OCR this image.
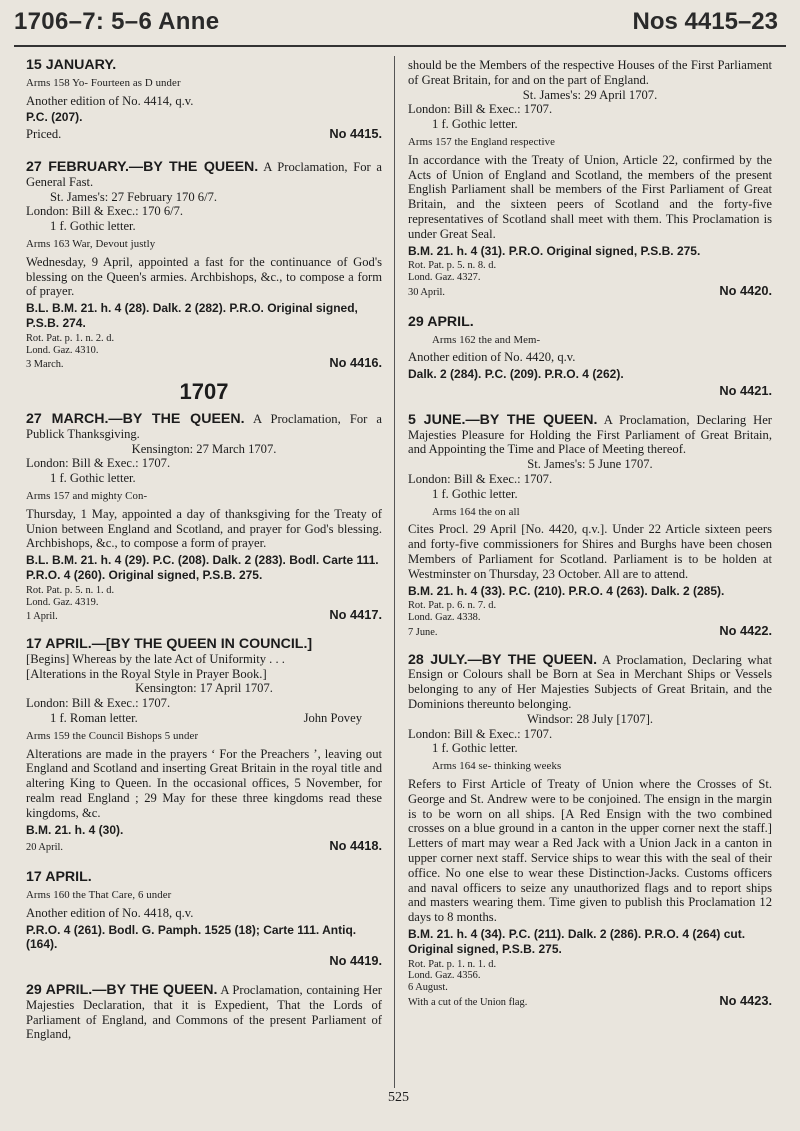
1706–7: 5–6 Anne	Nos 4415–23

15 JANUARY.

Arms 158 Yo- Fourteen as D under

Another edition of No. 4414, q.v.

P.C. (207).

Priced.	No 4415.

27 FEBRUARY.—BY THE QUEEN. A Proclamation, For a General Fast.

St. James's: 27 February 170 6/7.

London: Bill & Exec.: 170 6/7.

1 f. Gothic letter.

Arms 163 War, Devout justly

Wednesday, 9 April, appointed a fast for the continuance of God's blessing on the Queen's armies. Archbishops, &c., to compose a form of prayer.

B.L. B.M. 21. h. 4 (28). Dalk. 2 (282). P.R.O. Original signed, P.S.B. 274.

Rot. Pat. p. 1. n. 2. d.
Lond. Gaz. 4310.
3 March.	No 4416.
1707

27 MARCH.—BY THE QUEEN. A Proclamation, For a Publick Thanksgiving.

Kensington: 27 March 1707.

London: Bill & Exec.: 1707.

1 f. Gothic letter.

Arms 157 and mighty Con-

Thursday, 1 May, appointed a day of thanksgiving for the Treaty of Union between England and Scotland, and prayer for God's blessing. Archbishops, &c., to compose a form of prayer.

B.L. B.M. 21. h. 4 (29). P.C. (208). Dalk. 2 (283). Bodl. Carte 111. P.R.O. 4 (260). Original signed, P.S.B. 275.

Rot. Pat. p. 5. n. 1. d.
Lond. Gaz. 4319.
1 April.	No 4417.

17 APRIL.—[BY THE QUEEN IN COUNCIL.]

[Begins] Whereas by the late Act of Uniformity . . .

[Alterations in the Royal Style in Prayer Book.]

Kensington: 17 April 1707.

London: Bill & Exec.: 1707.

1 f. Roman letter.	John Povey

Arms 159 the Council Bishops 5 under

Alterations are made in the prayers ‘ For the Preachers ’, leaving out England and Scotland and inserting Great Britain in the royal title and altering King to Queen. In the occasional offices, 5 November, for realm read England ; 29 May for these three kingdoms read these kingdoms, &c.

B.M. 21. h. 4 (30).

20 April.	No 4418.

17 APRIL.

Arms 160 the That Care, 6 under

Another edition of No. 4418, q.v.

P.R.O. 4 (261). Bodl. G. Pamph. 1525 (18); Carte 111. Antiq. (164).

No 4419.

29 APRIL.—BY THE QUEEN. A Proclamation, containing Her Majesties Declaration, that it is Expedient, That the Lords of Parliament of England, and Commons of the present Parliament of England,

should be the Members of the respective Houses of the First Parliament of Great Britain, for and on the part of England.

St. James's: 29 April 1707.

London: Bill & Exec.: 1707.

1 f. Gothic letter.

Arms 157 the England respective

In accordance with the Treaty of Union, Article 22, confirmed by the Acts of Union of England and Scotland, the members of the present English Parliament shall be members of the First Parliament of Great Britain, and the sixteen peers of Scotland and the forty-five representatives of Scotland shall meet with them. This Proclamation is under Great Seal.

B.M. 21. h. 4 (31). P.R.O. Original signed, P.S.B. 275.

Rot. Pat. p. 5. n. 8. d.
Lond. Gaz. 4327.
30 April.	No 4420.

29 APRIL.

Arms 162 the and Mem-

Another edition of No. 4420, q.v.

Dalk. 2 (284). P.C. (209). P.R.O. 4 (262).

No 4421.

5 JUNE.—BY THE QUEEN. A Proclamation, Declaring Her Majesties Pleasure for Holding the First Parliament of Great Britain, and Appointing the Time and Place of Meeting thereof.

St. James's: 5 June 1707.

London: Bill & Exec.: 1707.

1 f. Gothic letter.

Arms 164 the on all

Cites Procl. 29 April [No. 4420, q.v.]. Under 22 Article sixteen peers and forty-five commissioners for Shires and Burghs have been chosen Members of Parliament for Scotland. Parliament is to be holden at Westminster on Thursday, 23 October. All are to attend.

B.M. 21. h. 4 (33). P.C. (210). P.R.O. 4 (263). Dalk. 2 (285).

Rot. Pat. p. 6. n. 7. d.
Lond. Gaz. 4338.
7 June.	No 4422.

28 JULY.—BY THE QUEEN. A Proclamation, Declaring what Ensign or Colours shall be Born at Sea in Merchant Ships or Vessels belonging to any of Her Majesties Subjects of Great Britain, and the Dominions thereunto belonging.

Windsor: 28 July [1707].

London: Bill & Exec.: 1707.

1 f. Gothic letter.

Arms 164 se- thinking weeks

Refers to First Article of Treaty of Union where the Crosses of St. George and St. Andrew were to be conjoined. The ensign in the margin is to be worn on all ships. [A Red Ensign with the two combined crosses on a blue ground in a canton in the upper corner next the staff.] Letters of mart may wear a Red Jack with a Union Jack in a canton in upper corner next staff. Service ships to wear this with the seal of their office. No one else to wear these Distinction-Jacks. Customs officers and naval officers to seize any unauthorized flags and to report ships and masters wearing them. Time given to publish this Proclamation 12 days to 8 months.

B.M. 21. h. 4 (34). P.C. (211). Dalk. 2 (286). P.R.O. 4 (264) cut. Original signed, P.S.B. 275.

Rot. Pat. p. 1. n. 1. d.
Lond. Gaz. 4356.
6 August.
With a cut of the Union flag.	No 4423.
525
